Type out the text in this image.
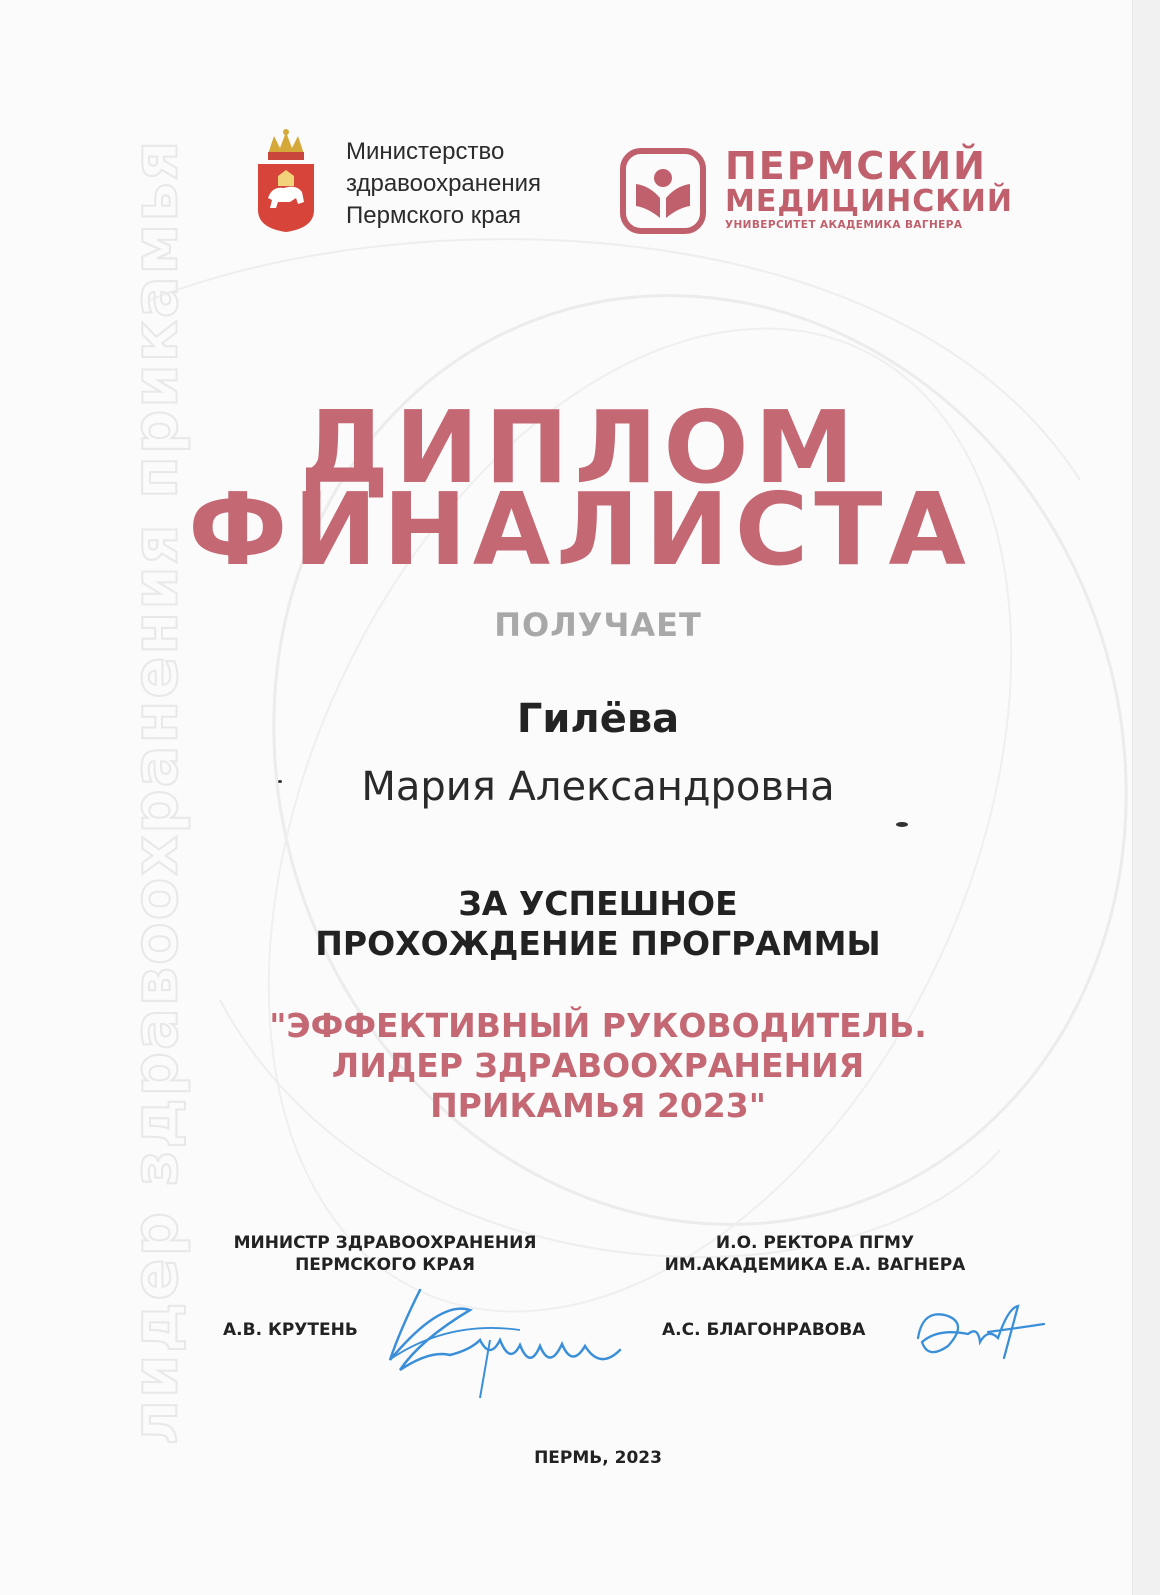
лидер здравоохранения прикамья	Министерство
здравоохранения
Пермского края
ПЕРМСКИЙ
МЕДИЦИНСКИЙ
УНИВЕРСИТЕТ АКАДЕМИКА ВАГНЕРА
ДИПЛОМ
ФИНАЛИСТА
ПОЛУЧАЕТ
Гилёва
Мария Александровна
ЗА УСПЕШНОЕ
ПРОХОЖДЕНИЕ ПРОГРАММЫ
"ЭФФЕКТИВНЫЙ РУКОВОДИТЕЛЬ.
ЛИДЕР ЗДРАВООХРАНЕНИЯ
ПРИКАМЬЯ 2023"
МИНИСТР ЗДРАВООХРАНЕНИЯ
ПЕРМСКОГО КРАЯ
И.О. РЕКТОРА ПГМУ
ИМ.АКАДЕМИКА Е.А. ВАГНЕРА
А.В. КРУТЕНЬ	А.С. БЛАГОНРАВОВА
ПЕРМЬ, 2023
